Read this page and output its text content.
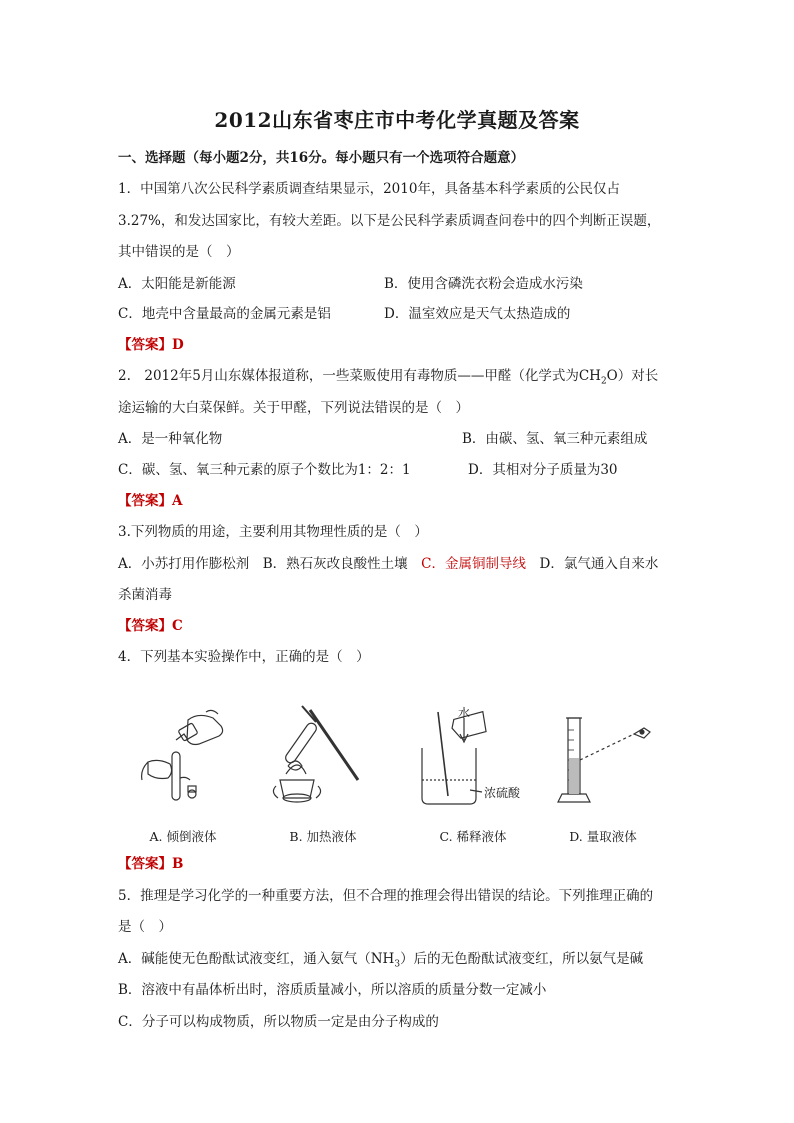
2012山东省枣庄市中考化学真题及答案
一、选择题（每小题2分，共16分。每小题只有一个选项符合题意）
1．中国第八次公民科学素质调查结果显示，2010年，具备基本科学素质的公民仅占
3.27%，和发达国家比，有较大差距。以下是公民科学素质调查问卷中的四个判断正误题，
其中错误的是（　）
A．太阳能是新能源	B．使用含磷洗衣粉会造成水污染
C．地壳中含量最高的金属元素是铝	D．温室效应是天气太热造成的
【答案】D
2.　2012年5月山东媒体报道称，一些菜贩使用有毒物质——甲醛（化学式为$CH_2O$）对长
途运输的大白菜保鲜。关于甲醛，下列说法错误的是（　）
A．是一种氧化物	B．由碳、氢、氧三种元素组成
C．碳、氢、氧三种元素的原子个数比为1：2：1	D．其相对分子质量为30
【答案】A
3.下列物质的用途，主要利用其物理性质的是（　）
A．小苏打用作膨松剂　B．熟石灰改良酸性土壤　C．金属铜制导线　D．氯气通入自来水
杀菌消毒
【答案】C
4．下列基本实验操作中，正确的是（　）
A. 倾倒液体	B. 加热液体
水
浓硫酸
C. 稀释液体	D. 量取液体
【答案】B
5．推理是学习化学的一种重要方法，但不合理的推理会得出错误的结论。下列推理正确的
是（　）
A．碱能使无色酚酞试液变红，通入氨气$(NH_3)$后的无色酚酞试液变红，所以氨气是碱
B．溶液中有晶体析出时，溶质质量减小，所以溶质的质量分数一定减小
C．分子可以构成物质，所以物质一定是由分子构成的
